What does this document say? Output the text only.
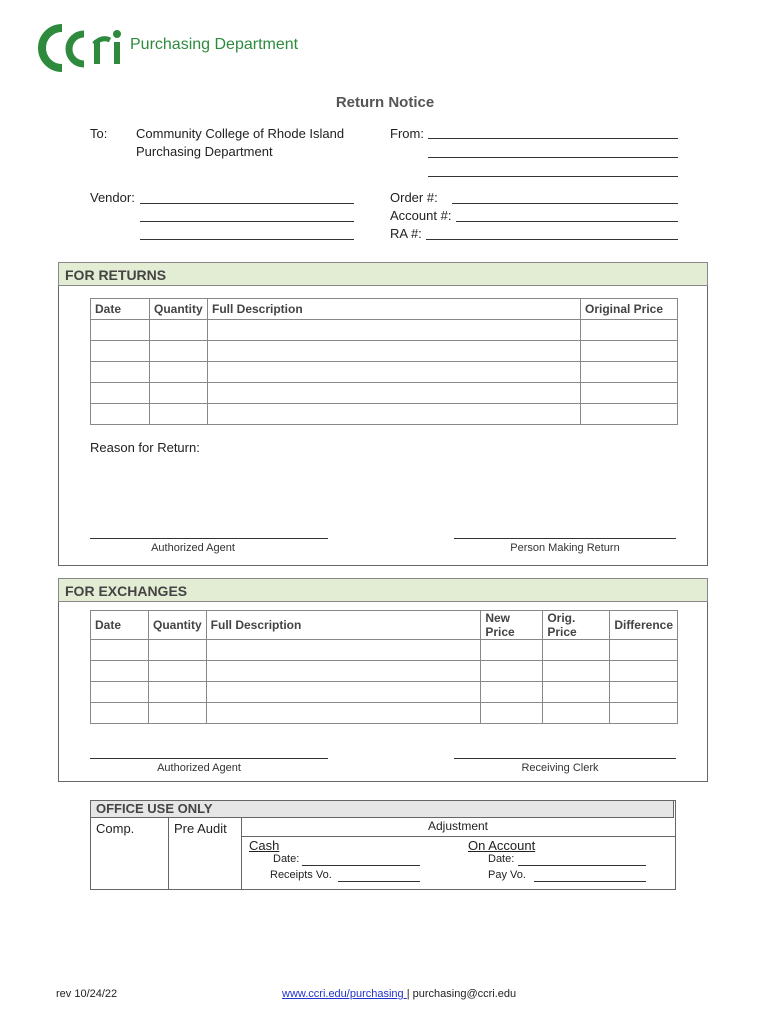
Purchasing Department
Return Notice
To: Community College of Rhode Island
Purchasing Department
From:
Vendor:	Order #:
Account #:
RA #:
FOR RETURNS
Date	Quantity	Full Description	Original Price

Reason for Return:
Authorized Agent	Person Making Return
FOR EXCHANGES
Date	Quantity	Full Description	New Price	Orig. Price	Difference

Authorized Agent	Receiving Clerk
OFFICE USE ONLY
Comp.	Pre Audit	Adjustment
Cash	On Account
Date:
Receipts Vo.
Date:
Pay Vo.
rev 10/24/22	www.ccri.edu/purchasing | purchasing@ccri.edu
